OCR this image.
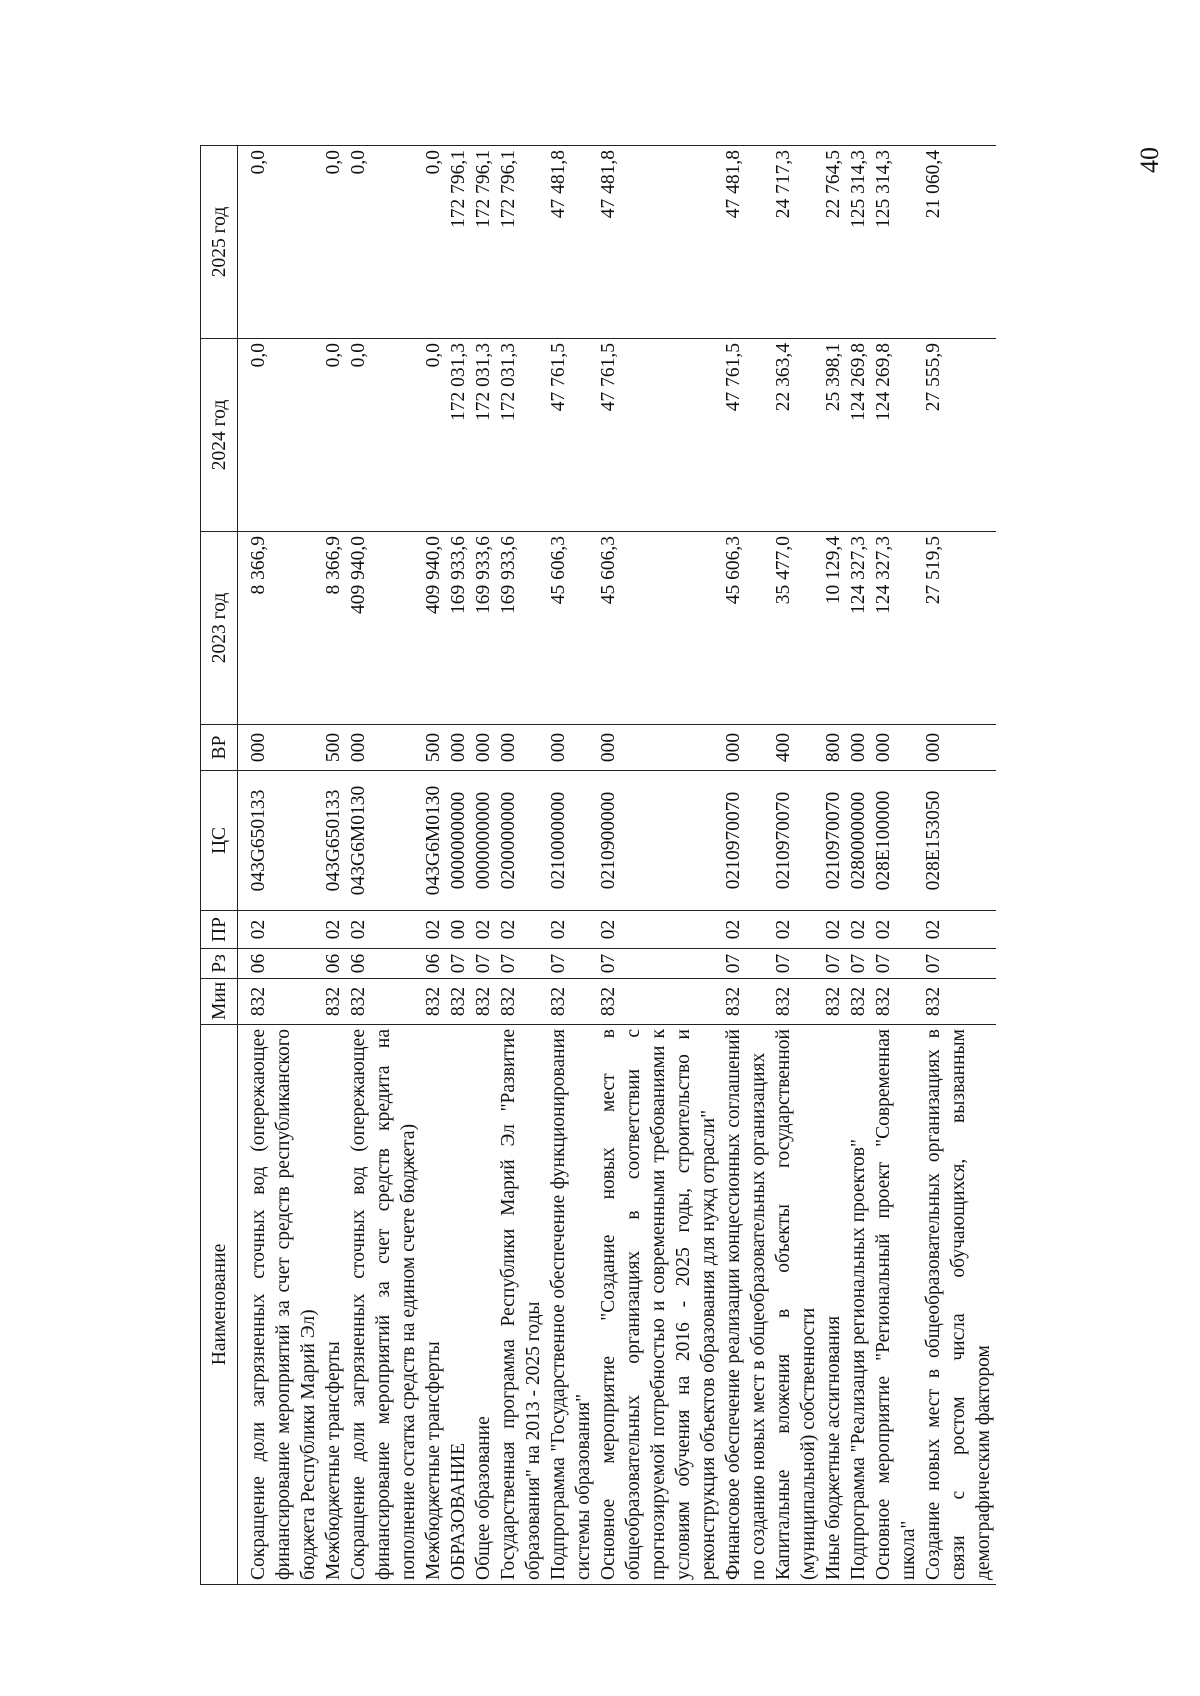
40
Наименование	Мин	Рз	ПР	ЦС	ВР	2023 год	2024 год	2025 год

Сокращение доли загрязненных сточных вод (опережающее финансирование мероприятий за счет средств республиканского бюджета Республики Марий Эл)	832	06	02	043G650133	000	8 366,9	0,0	0,0
Межбюджетные трансферты	832	06	02	043G650133	500	8 366,9	0,0	0,0
Сокращение доли загрязненных сточных вод (опережающее финансирование мероприятий за счет средств кредита на пополнение остатка средств на едином счете бюджета)	832	06	02	043G6M0130	000	409 940,0	0,0	0,0
Межбюджетные трансферты	832	06	02	043G6M0130	500	409 940,0	0,0	0,0
ОБРАЗОВАНИЕ	832	07	00	0000000000	000	169 933,6	172 031,3	172 796,1
Общее образование	832	07	02	0000000000	000	169 933,6	172 031,3	172 796,1
Государственная программа Республики Марий Эл "Развитие образования" на 2013 - 2025 годы	832	07	02	0200000000	000	169 933,6	172 031,3	172 796,1
Подпрограмма "Государственное обеспечение функционирования системы образования"	832	07	02	0210000000	000	45 606,3	47 761,5	47 481,8
Основное мероприятие "Создание новых мест в общеобразовательных организациях в соответствии с прогнозируемой потребностью и современными требованиями к условиям обучения на 2016 - 2025 годы, строительство и реконструкция объектов образования для нужд отрасли"	832	07	02	0210900000	000	45 606,3	47 761,5	47 481,8
Финансовое обеспечение реализации концессионных соглашений по созданию новых мест в общеобразовательных организациях	832	07	02	0210970070	000	45 606,3	47 761,5	47 481,8
Капитальные вложения в объекты государственной (муниципальной) собственности	832	07	02	0210970070	400	35 477,0	22 363,4	24 717,3
Иные бюджетные ассигнования	832	07	02	0210970070	800	10 129,4	25 398,1	22 764,5
Подпрограмма "Реализация региональных проектов"	832	07	02	0280000000	000	124 327,3	124 269,8	125 314,3
Основное мероприятие "Региональный проект "Современная школа"	832	07	02	028E100000	000	124 327,3	124 269,8	125 314,3
Создание новых мест в общеобразовательных организациях в связи с ростом числа обучающихся, вызванным демографическим фактором	832	07	02	028E153050	000	27 519,5	27 555,9	21 060,4
